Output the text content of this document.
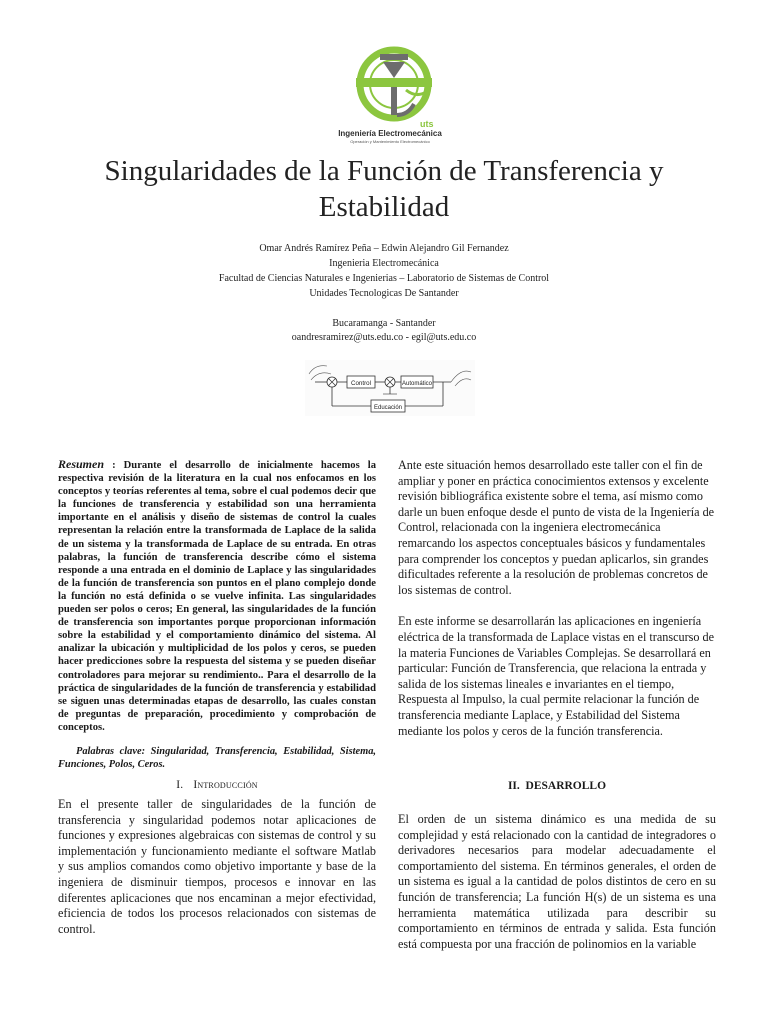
uts
Ingeniería Electromecánica
Operación y Mantenimiento Electromecánico
Singularidades de la Función de Transferencia y Estabilidad
Omar Andrés Ramírez Peña – Edwin Alejandro Gil Fernandez
Ingenieria Electromecánica
Facultad de Ciencias Naturales e Ingenierias – Laboratorio de Sistemas de Control
Unidades Tecnologicas De Santander
Bucaramanga - Santander
oandresramirez@uts.edu.co - egil@uts.edu.co
Control	Automático
Educación

Resumen : Durante el desarrollo de inicialmente hacemos la respectiva revisión de la literatura en la cual nos enfocamos en los conceptos y teorías referentes al tema, sobre el cual podemos decir que la funciones de transferencia y estabilidad son una herramienta importante en el análisis y diseño de sistemas de control la cuales representan la relación entre la transformada de Laplace de la salida de un sistema y la transformada de Laplace de su entrada. En otras palabras, la función de transferencia describe cómo el sistema responde a una entrada en el dominio de Laplace y las singularidades de la función de transferencia son puntos en el plano complejo donde la función no está definida o se vuelve infinita. Las singularidades pueden ser polos o ceros; En general, las singularidades de la función de transferencia son importantes porque proporcionan información sobre la estabilidad y el comportamiento dinámico del sistema. Al analizar la ubicación y multiplicidad de los polos y ceros, se pueden hacer predicciones sobre la respuesta del sistema y se pueden diseñar controladores para mejorar su rendimiento.. Para el desarrollo de la práctica de singularidades de la función de transferencia y estabilidad se siguen unas determinadas etapas de desarrollo, las cuales constan de preguntas de preparación, procedimiento y comprobación de conceptos.

Palabras clave: Singularidad, Transferencia, Estabilidad, Sistema, Funciones, Polos, Ceros.

I. Introducción

En el presente taller de singularidades de la función de transferencia y singularidad podemos notar aplicaciones de funciones y expresiones algebraicas con sistemas de control y su implementación y funcionamiento mediante el software Matlab y sus amplios comandos como objetivo importante y base de la ingeniera de disminuir tiempos, procesos e innovar en las diferentes aplicaciones que nos encaminan a mejor efectividad, eficiencia de todos los procesos relacionados con sistemas de control.

Ante este situación hemos desarrollado este taller con el fin de ampliar y poner en práctica conocimientos extensos y excelente revisión bibliográfica existente sobre el tema, así mismo como darle un buen enfoque desde el punto de vista de la Ingeniería de Control, relacionada con la ingeniera electromecánica remarcando los aspectos conceptuales básicos y fundamentales para comprender los conceptos y puedan aplicarlos, sin grandes dificultades referente a la resolución de problemas concretos de los sistemas de control.

En este informe se desarrollarán las aplicaciones en ingeniería eléctrica de la transformada de Laplace vistas en el transcurso de la materia Funciones de Variables Complejas. Se desarrollará en particular: Función de Transferencia, que relaciona la entrada y salida de los sistemas lineales e invariantes en el tiempo, Respuesta al Impulso, la cual permite relacionar la función de transferencia mediante Laplace, y Estabilidad del Sistema mediante los polos y ceros de la función transferencia.

II. DESARROLLO

El orden de un sistema dinámico es una medida de su complejidad y está relacionado con la cantidad de integradores o derivadores necesarios para modelar adecuadamente el comportamiento del sistema. En términos generales, el orden de un sistema es igual a la cantidad de polos distintos de cero en su función de transferencia; La función H(s) de un sistema es una herramienta matemática utilizada para describir su comportamiento en términos de entrada y salida. Esta función está compuesta por una fracción de polinomios en la variable
